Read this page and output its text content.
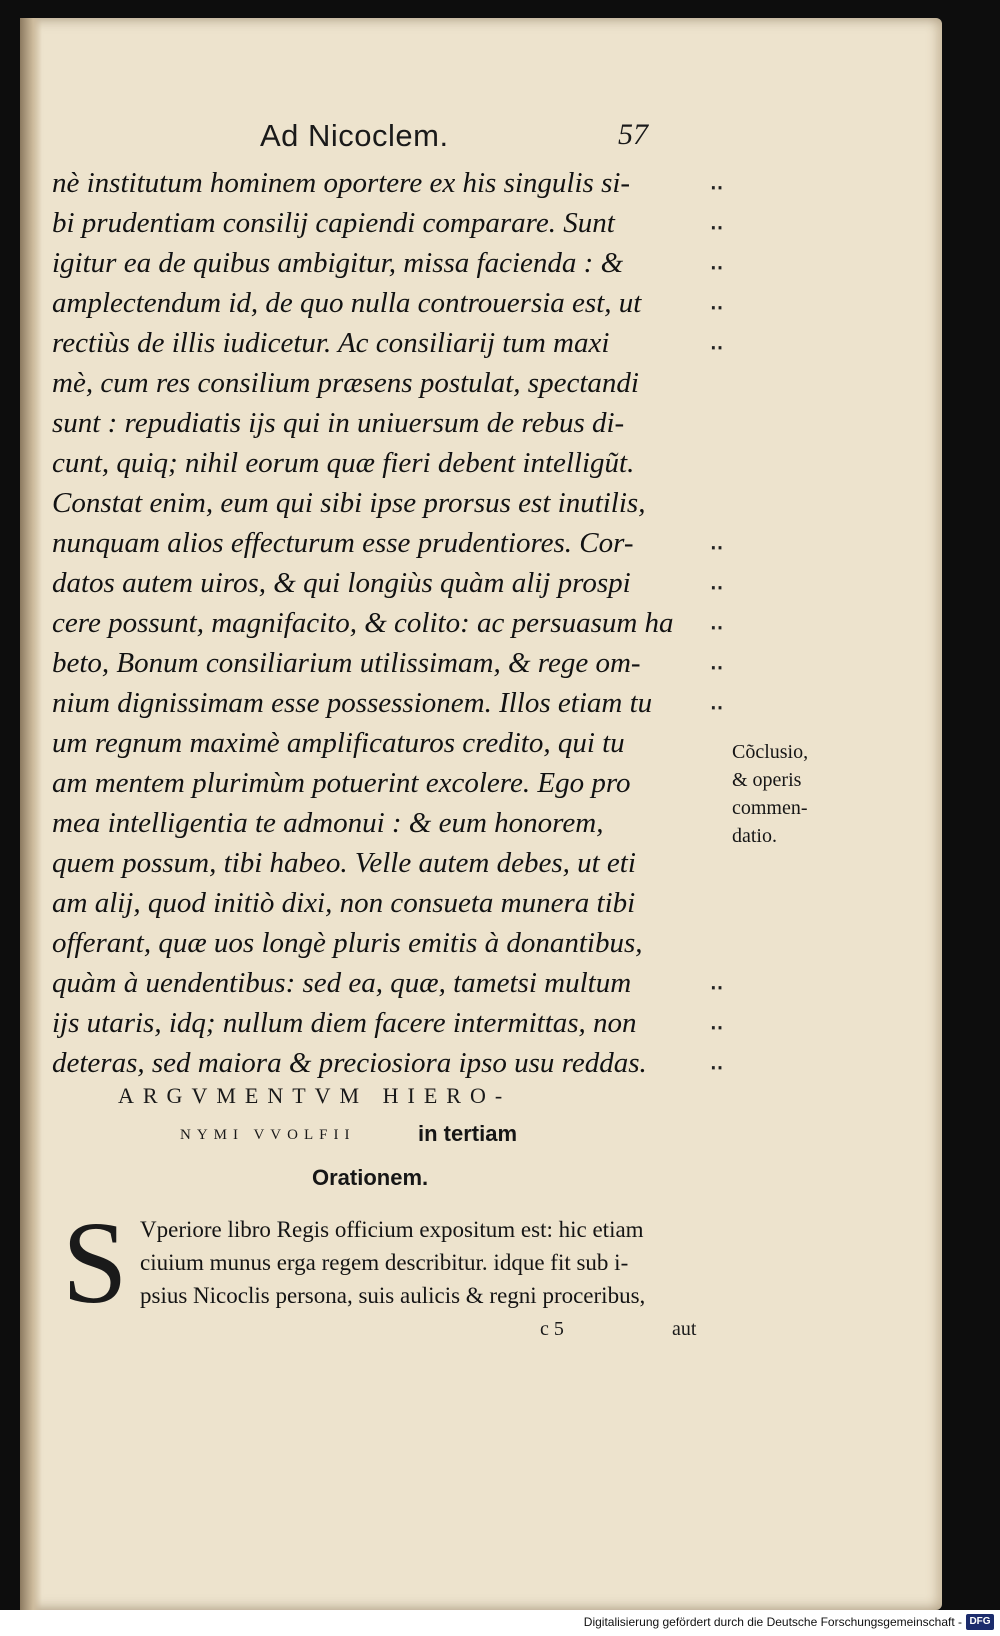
Ad Nicoclem.	57
nè institutum hominem oportere ex his singulis si-
bi prudentiam consilij capiendi comparare. Sunt
igitur ea de quibus ambigitur, missa facienda : &
amplectendum id, de quo nulla controuersia est, ut
rectiùs de illis iudicetur. Ac consiliarij tum maxi
mè, cum res consilium præsens postulat, spectandi
sunt : repudiatis ijs qui in uniuersum de rebus di-
cunt, quiq; nihil eorum quæ fieri debent intelligũt.
Constat enim, eum qui sibi ipse prorsus est inutilis,
nunquam alios effecturum esse prudentiores. Cor-
datos autem uiros, & qui longiùs quàm alij prospi
cere possunt, magnifacito, & colito: ac persuasum ha
beto, Bonum consiliarium utilissimam, & rege om-
nium dignissimam esse possessionem. Illos etiam tu
um regnum maximè amplificaturos credito, qui tu
am mentem plurimùm potuerint excolere. Ego pro
mea intelligentia te admonui : & eum honorem,
quem possum, tibi habeo. Velle autem debes, ut eti
am alij, quod initiò dixi, non consueta munera tibi
offerant, quæ uos longè pluris emitis à donantibus,
quàm à uendentibus: sed ea, quæ, tametsi multum
ijs utaris, idq; nullum diem facere intermittas, non
deteras, sed maiora & preciosiora ipso usu reddas.
‥
‥
‥
‥
‥
‥
‥
‥
‥
‥
‥
‥
‥
Cõclusio,
& operis
commen-
datio.
ARGVMENTVM HIERO-
NYMI VVOLFII	in tertiam
Orationem.
S Vperiore libro Regis officium expositum est: hic etiam
ciuium munus erga regem describitur. idque fit sub i-
psius Nicoclis persona, suis aulicis & regni proceribus,
c 5	aut
Digitalisierung gefördert durch die Deutsche Forschungsgemeinschaft - DFG
